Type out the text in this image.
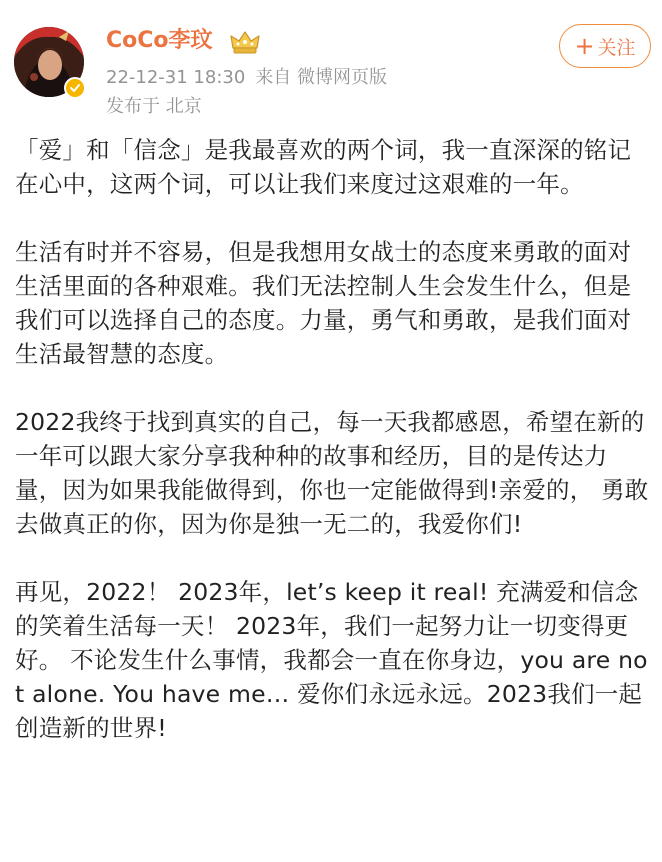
CoCo李玟
22-12-31 18:30 来自 微博网页版
发布于 北京
+ 关注

「爱」和「信念」是我最喜欢的两个词，我一直深深的铭记在心中，这两个词，可以让我们来度过这艰难的一年。

生活有时并不容易，但是我想用女战士的态度来勇敢的面对生活里面的各种艰难。我们无法控制人生会发生什么，但是我们可以选择自己的态度。力量，勇气和勇敢，是我们面对生活最智慧的态度。

2022我终于找到真实的自己，每一天我都感恩，希望在新的一年可以跟大家分享我种种的故事和经历，目的是传达力量，因为如果我能做得到，你也一定能做得到!亲爱的， 勇敢去做真正的你，因为你是独一无二的，我爱你们!

再见，2022！ 2023年，let’s keep it real! 充满爱和信念的笑着生活每一天！ 2023年，我们一起努力让一切变得更好。 不论发生什么事情，我都会一直在你身边，you are not alone. You have me… 爱你们永远永远。2023我们一起创造新的世界!
